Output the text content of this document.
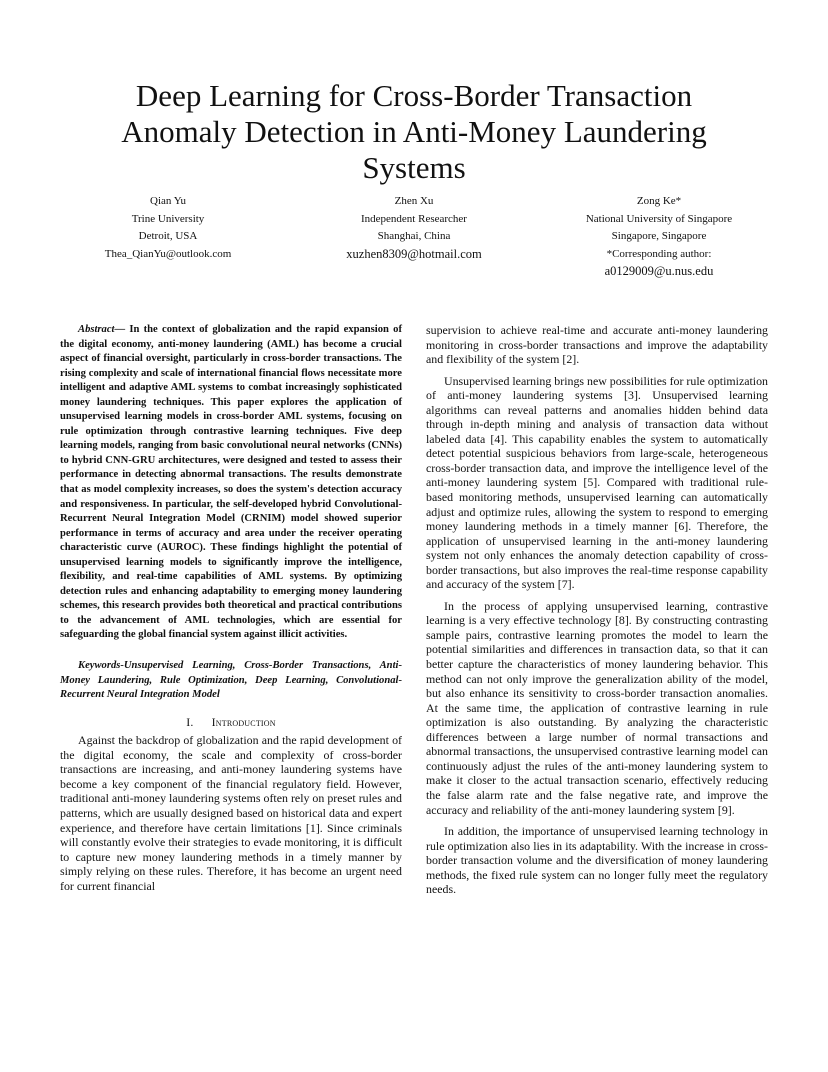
Deep Learning for Cross-Border Transaction Anomaly Detection in Anti-Money Laundering Systems
Qian Yu
Trine University
Detroit, USA
Thea_QianYu@outlook.com
Zhen Xu
Independent Researcher
Shanghai, China
xuzhen8309@hotmail.com
Zong Ke*
National University of Singapore
Singapore, Singapore
*Corresponding author:
a0129009@u.nus.edu

Abstract— In the context of globalization and the rapid expansion of the digital economy, anti-money laundering (AML) has become a crucial aspect of financial oversight, particularly in cross-border transactions. The rising complexity and scale of international financial flows necessitate more intelligent and adaptive AML systems to combat increasingly sophisticated money laundering techniques. This paper explores the application of unsupervised learning models in cross-border AML systems, focusing on rule optimization through contrastive learning techniques. Five deep learning models, ranging from basic convolutional neural networks (CNNs) to hybrid CNN-GRU architectures, were designed and tested to assess their performance in detecting abnormal transactions. The results demonstrate that as model complexity increases, so does the system's detection accuracy and responsiveness. In particular, the self-developed hybrid Convolutional-Recurrent Neural Integration Model (CRNIM) model showed superior performance in terms of accuracy and area under the receiver operating characteristic curve (AUROC). These findings highlight the potential of unsupervised learning models to significantly improve the intelligence, flexibility, and real-time capabilities of AML systems. By optimizing detection rules and enhancing adaptability to emerging money laundering schemes, this research provides both theoretical and practical contributions to the advancement of AML technologies, which are essential for safeguarding the global financial system against illicit activities.

Keywords-Unsupervised Learning, Cross-Border Transactions, Anti-Money Laundering, Rule Optimization, Deep Learning, Convolutional-Recurrent Neural Integration Model

I. Introduction

Against the backdrop of globalization and the rapid development of the digital economy, the scale and complexity of cross-border transactions are increasing, and anti-money laundering systems have become a key component of the financial regulatory field. However, traditional anti-money laundering systems often rely on preset rules and patterns, which are usually designed based on historical data and expert experience, and therefore have certain limitations [1]. Since criminals will constantly evolve their strategies to evade monitoring, it is difficult to capture new money laundering methods in a timely manner by simply relying on these rules. Therefore, it has become an urgent need for current financial

supervision to achieve real-time and accurate anti-money laundering monitoring in cross-border transactions and improve the adaptability and flexibility of the system [2].

Unsupervised learning brings new possibilities for rule optimization of anti-money laundering systems [3]. Unsupervised learning algorithms can reveal patterns and anomalies hidden behind data through in-depth mining and analysis of transaction data without labeled data [4]. This capability enables the system to automatically detect potential suspicious behaviors from large-scale, heterogeneous cross-border transaction data, and improve the intelligence level of the anti-money laundering system [5]. Compared with traditional rule-based monitoring methods, unsupervised learning can automatically adjust and optimize rules, allowing the system to respond to emerging money laundering methods in a timely manner [6]. Therefore, the application of unsupervised learning in the anti-money laundering system not only enhances the anomaly detection capability of cross-border transactions, but also improves the real-time response capability and accuracy of the system [7].

In the process of applying unsupervised learning, contrastive learning is a very effective technology [8]. By constructing contrasting sample pairs, contrastive learning promotes the model to learn the potential similarities and differences in transaction data, so that it can better capture the characteristics of money laundering behavior. This method can not only improve the generalization ability of the model, but also enhance its sensitivity to cross-border transaction anomalies. At the same time, the application of contrastive learning in rule optimization is also outstanding. By analyzing the characteristic differences between a large number of normal transactions and abnormal transactions, the unsupervised contrastive learning model can continuously adjust the rules of the anti-money laundering system to make it closer to the actual transaction scenario, effectively reducing the false alarm rate and the false negative rate, and improve the accuracy and reliability of the anti-money laundering system [9].

In addition, the importance of unsupervised learning technology in rule optimization also lies in its adaptability. With the increase in cross-border transaction volume and the diversification of money laundering methods, the fixed rule system can no longer fully meet the regulatory needs.
